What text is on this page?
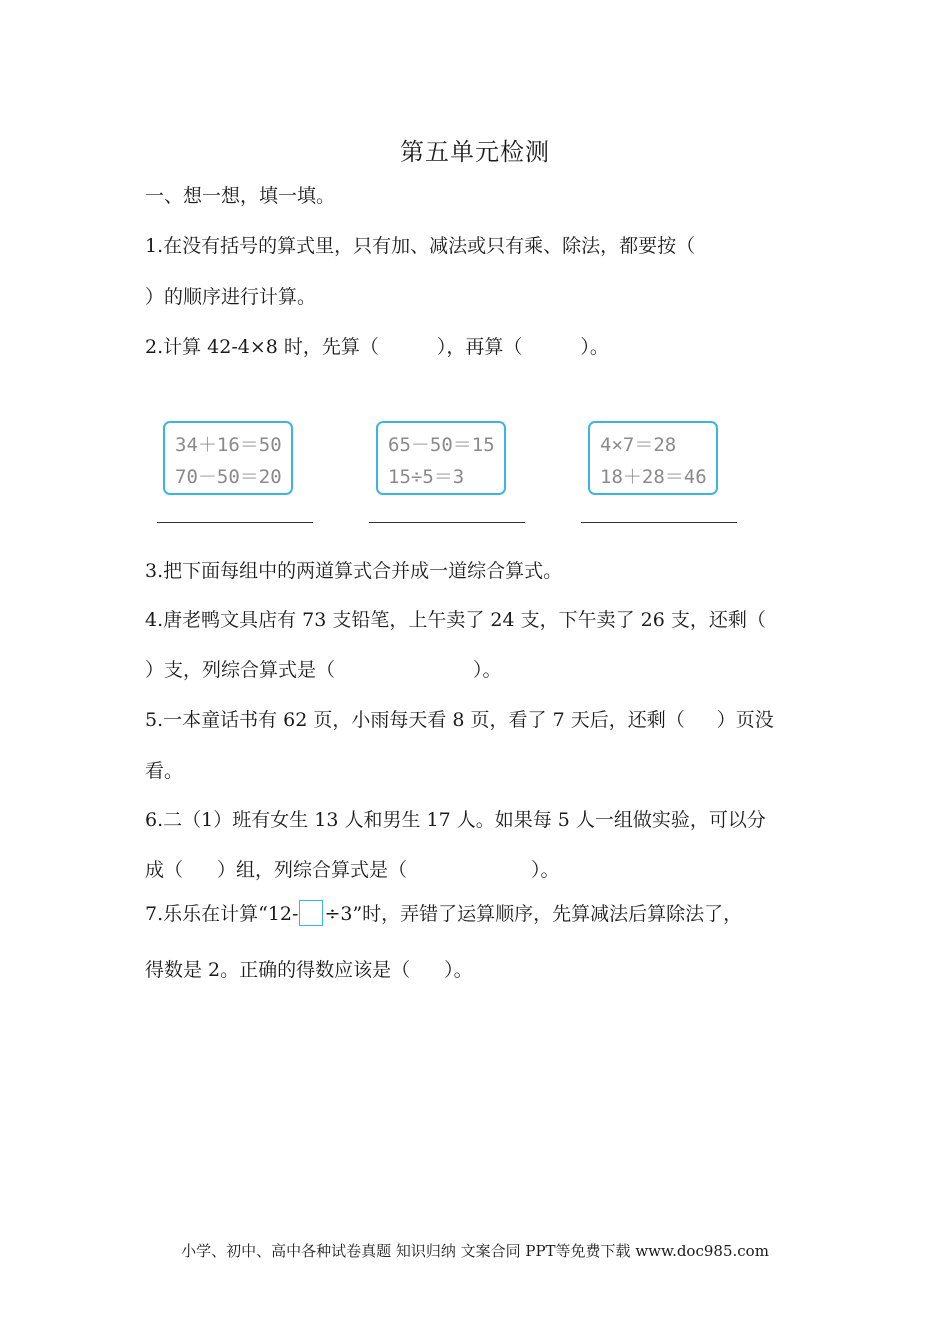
第五单元检测
一、想一想，填一填。
1.在没有括号的算式里，只有加、减法或只有乘、除法，都要按（
）的顺序进行计算。
2.计算 42-4×8 时，先算（	），再算（	）。
34＋16＝50
70－50＝20
65－50＝15
15÷5＝3
4×7＝28
18＋28＝46
3.把下面每组中的两道算式合并成一道综合算式。
4.唐老鸭文具店有 73 支铅笔，上午卖了 24 支，下午卖了 26 支，还剩（
）支，列综合算式是（	）。
5.一本童话书有 62 页，小雨每天看 8 页，看了 7 天后，还剩（ ）页没
看。
6.二（1）班有女生 13 人和男生 17 人。如果每 5 人一组做实验，可以分
成（ ）组，列综合算式是（	）。
7.乐乐在计算“12- ÷3”时，弄错了运算顺序，先算减法后算除法了，
得数是 2。正确的得数应该是（ ）。
小学、初中、高中各种试卷真题 知识归纳 文案合同 PPT等免费下载 www.doc985.com
